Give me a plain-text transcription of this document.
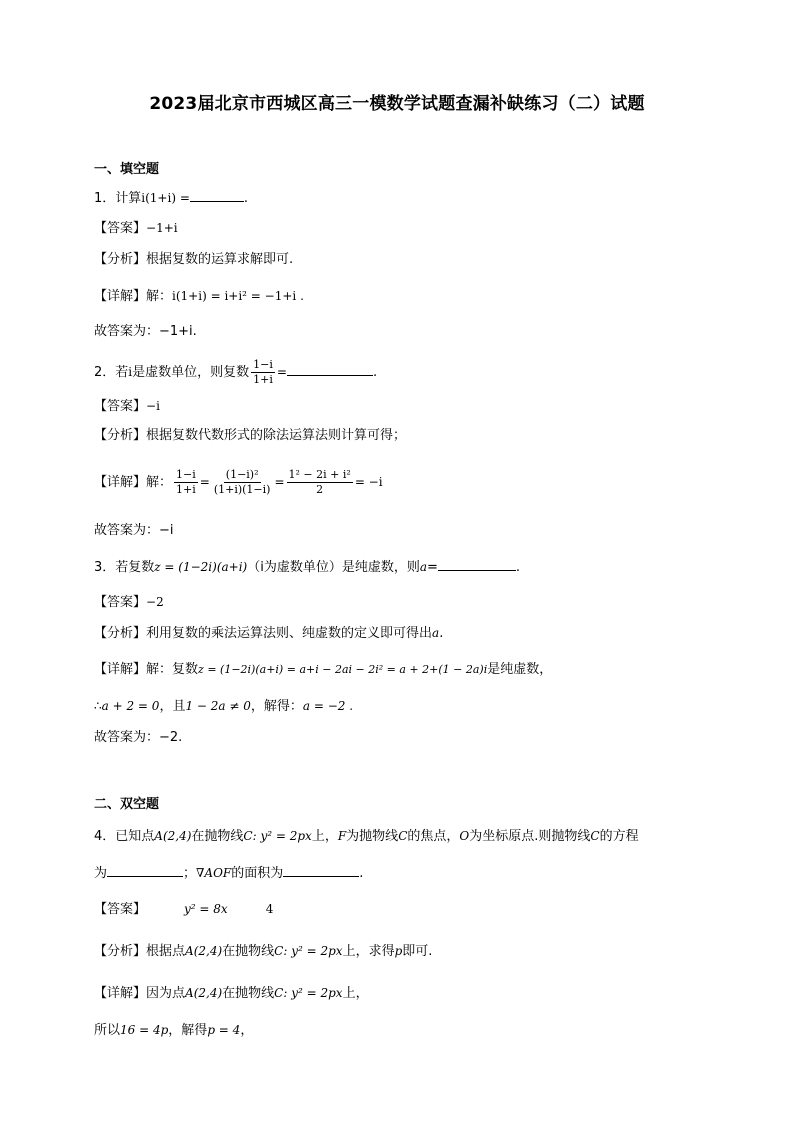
2023届北京市西城区高三一模数学试题查漏补缺练习（二）试题
一、填空题
1．计算i(1+i) =	.
【答案】−1+i
【分析】根据复数的运算求解即可.
【详解】解：i(1+i) = i+i² = −1+i .
故答案为：−1+i.
2．若i是虚数单位，则复数 $\frac{1-i}{1+i}$ =	.
【答案】−i
【分析】根据复数代数形式的除法运算法则计算可得；
【详解】解： $\frac{1-i}{1+i} = \frac{\text{(1−i)²}}{(1+i)(1-i)} = \frac{\text{1² − 2i + i²}}{2} = -i$
故答案为：−i
3．若复数z = (1−2i)(a+i)（i为虚数单位）是纯虚数，则a=	.
【答案】−2
【分析】利用复数的乘法运算法则、纯虚数的定义即可得出a.
【详解】解：复数z = (1−2i)(a+i) = a+i − 2ai − 2i² = a + 2+(1 − 2a)i是纯虚数，
∴a + 2 = 0，且1 − 2a ≠ 0，解得：a = −2 .
故答案为：−2.
二、双空题
4．已知点A(2,4)在抛物线C: y² = 2px上，F为抛物线C的焦点，O为坐标原点.则抛物线C的方程
为	；∇AOF的面积为	.
【答案】	y² = 8x	4
【分析】根据点A(2,4)在抛物线C: y² = 2px上，求得p即可.
【详解】因为点A(2,4)在抛物线C: y² = 2px上，
所以16 = 4p，解得p = 4，
